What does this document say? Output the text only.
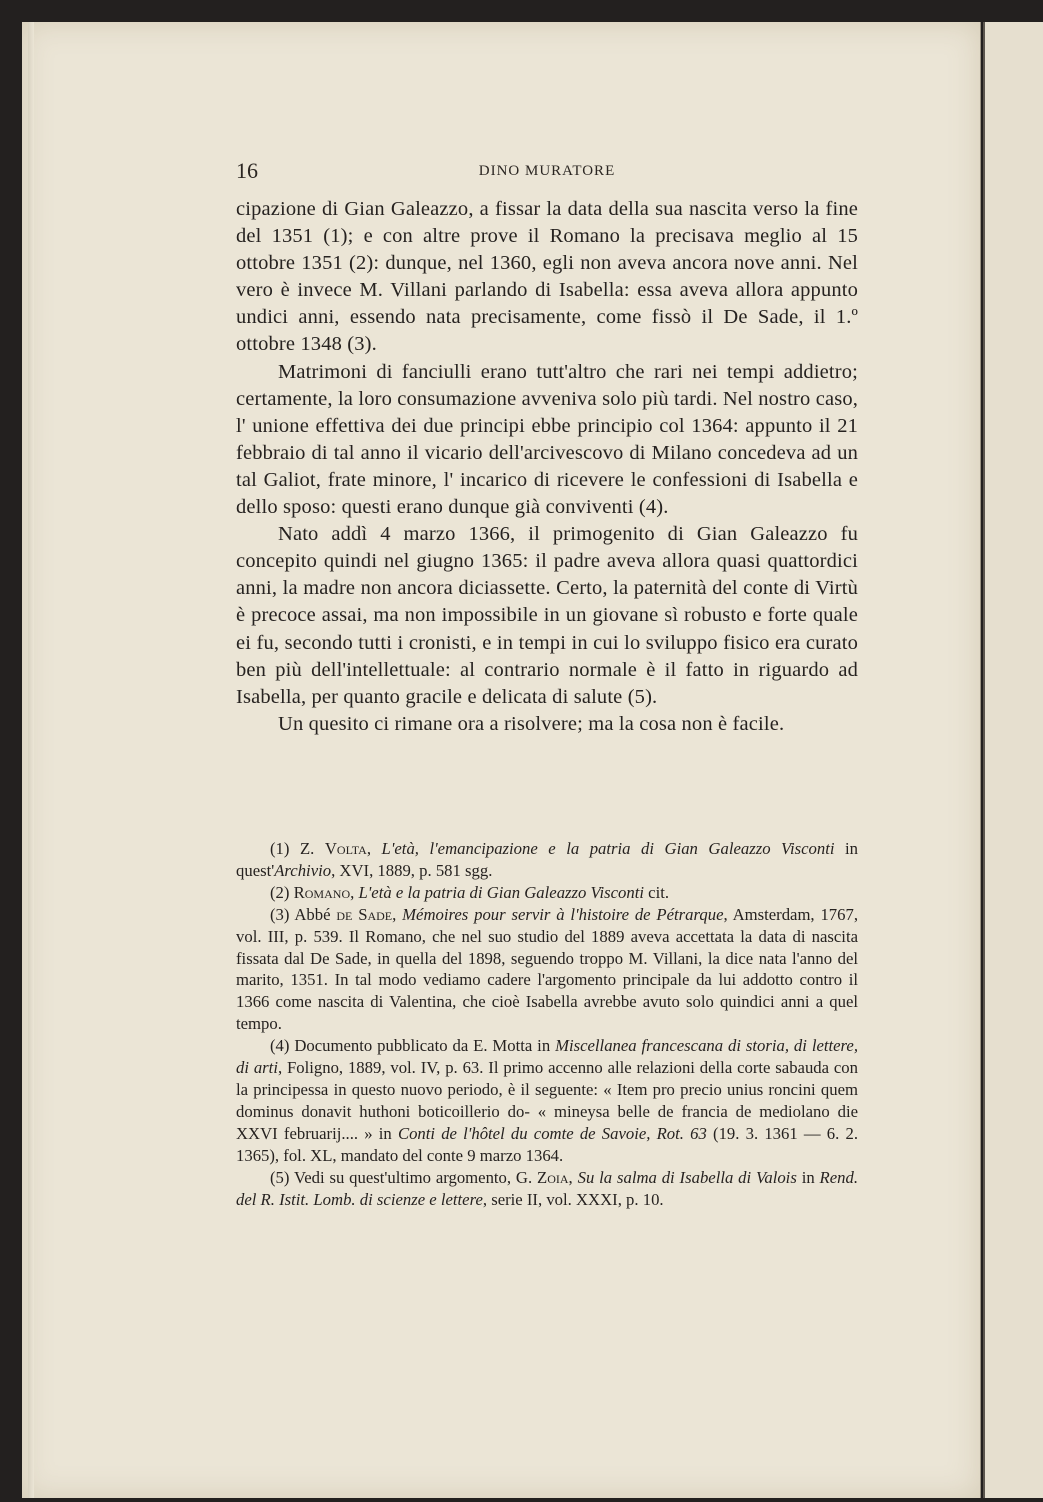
16	DINO MURATORE

cipazione di Gian Galeazzo, a fissar la data della sua nascita verso la fine del 1351 (1); e con altre prove il Romano la precisava meglio al 15 ottobre 1351 (2): dunque, nel 1360, egli non aveva ancora nove anni. Nel vero è invece M. Villani parlando di Isabella: essa aveva allora appunto undici anni, essendo nata precisamente, come fissò il De Sade, il 1.º ottobre 1348 (3).

Matrimoni di fanciulli erano tutt'altro che rari nei tempi addietro; certamente, la loro consumazione avveniva solo più tardi. Nel nostro caso, l' unione effettiva dei due principi ebbe principio col 1364: appunto il 21 febbraio di tal anno il vicario dell'arcivescovo di Milano concedeva ad un tal Galiot, frate minore, l' incarico di ricevere le confessioni di Isabella e dello sposo: questi erano dunque già conviventi (4).

Nato addì 4 marzo 1366, il primogenito di Gian Galeazzo fu concepito quindi nel giugno 1365: il padre aveva allora quasi quattordici anni, la madre non ancora diciassette. Certo, la paternità del conte di Virtù è precoce assai, ma non impossibile in un giovane sì robusto e forte quale ei fu, secondo tutti i cronisti, e in tempi in cui lo sviluppo fisico era curato ben più dell'intellettuale: al contrario normale è il fatto in riguardo ad Isabella, per quanto gracile e delicata di salute (5).

Un quesito ci rimane ora a risolvere; ma la cosa non è facile.

(1) Z. Volta, L'età, l'emancipazione e la patria di Gian Galeazzo Visconti in quest'Archivio, XVI, 1889, p. 581 sgg.

(2) Romano, L'età e la patria di Gian Galeazzo Visconti cit.

(3) Abbé de Sade, Mémoires pour servir à l'histoire de Pétrarque, Amsterdam, 1767, vol. III, p. 539. Il Romano, che nel suo studio del 1889 aveva accettata la data di nascita fissata dal De Sade, in quella del 1898, seguendo troppo M. Villani, la dice nata l'anno del marito, 1351. In tal modo vediamo cadere l'argomento principale da lui addotto contro il 1366 come nascita di Valentina, che cioè Isabella avrebbe avuto solo quindici anni a quel tempo.

(4) Documento pubblicato da E. Motta in Miscellanea francescana di storia, di lettere, di arti, Foligno, 1889, vol. IV, p. 63. Il primo accenno alle relazioni della corte sabauda con la principessa in questo nuovo periodo, è il seguente: « Item pro precio unius roncini quem dominus donavit huthoni boticoillerio do- « mineysa belle de francia de mediolano die XXVI februarij.... » in Conti de l'hôtel du comte de Savoie, Rot. 63 (19. 3. 1361 — 6. 2. 1365), fol. XL, mandato del conte 9 marzo 1364.

(5) Vedi su quest'ultimo argomento, G. Zoia, Su la salma di Isabella di Valois in Rend. del R. Istit. Lomb. di scienze e lettere, serie II, vol. XXXI, p. 10.
